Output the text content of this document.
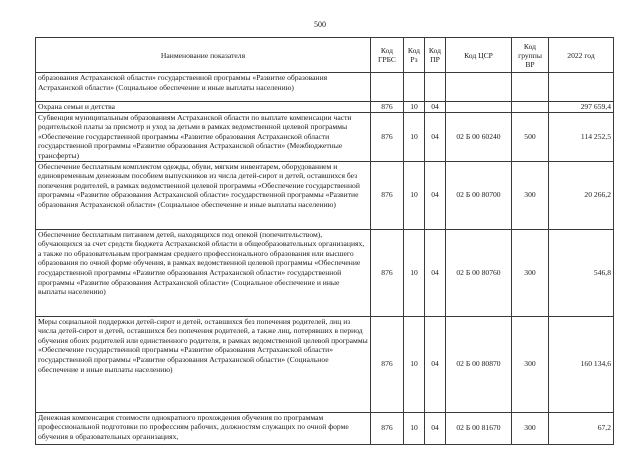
500
Наименование показателя	Код ГРБС	Код Рз	Код ПР	Код ЦСР	Код группы ВР	2022 год
образования Астраханской области» государственной программы «Развитие образования Астраханской области» (Социальное обеспечение и иные выплаты населению)						
Охрана семьи и детства	876	10	04			297 659,4
Субвенция муниципальным образованиям Астраханской области по выплате компенсации части родительской платы за присмотр и уход за детьми в рамках ведомственной целевой программы «Обеспечение государственной программы «Развитие образования Астраханской области государственной программы «Развитие образования Астраханской области» (Межбюджетные трансферты)	876	10	04	02 Б 00 60240	500	114 252,5
Обеспечение бесплатным комплектом одежды, обуви, мягким инвентарем, оборудованием и единовременным денежным пособием выпускников из числа детей-сирот и детей, оставшихся без попечения родителей, в рамках ведомственной целевой программы «Обеспечение государственной программы «Развитие образования Астраханской области» государственной программы «Развитие образования Астраханской области» (Социальное обеспечение и иные выплаты населению)	876	10	04	02 Б 00 80700	300	20 266,2
Обеспечение бесплатным питанием детей, находящихся под опекой (попечительством), обучающихся за счет средств бюджета Астраханской области в общеобразовательных организациях, а также по образовательным программам среднего профессионального образования или высшего образования по очной форме обучения, в рамках ведомственной целевой программы «Обеспечение государственной программы «Развитие образования Астраханской области» государственной программы «Развитие образования Астраханской области» (Социальное обеспечение и иные выплаты населению)	876	10	04	02 Б 00 80760	300	546,8
Меры социальной поддержки детей-сирот и детей, оставшихся без попечения родителей, лиц из числа детей-сирот и детей, оставшихся без попечения родителей, а также лиц, потерявших в период обучения обоих родителей или единственного родителя, в рамках ведомственной целевой программы «Обеспечение государственной программы «Развитие образования Астраханской области» государственной программы «Развитие образования Астраханской области» (Социальное обеспечение и иные выплаты населению)	876	10	04	02 Б 00 80870	300	160 134,6
Денежная компенсация стоимости однократного прохождения обучения по программам профессиональной подготовки по профессиям рабочих, должностям служащих по очной форме обучения в образовательных организациях,	876	10	04	02 Б 00 81670	300	67,2
